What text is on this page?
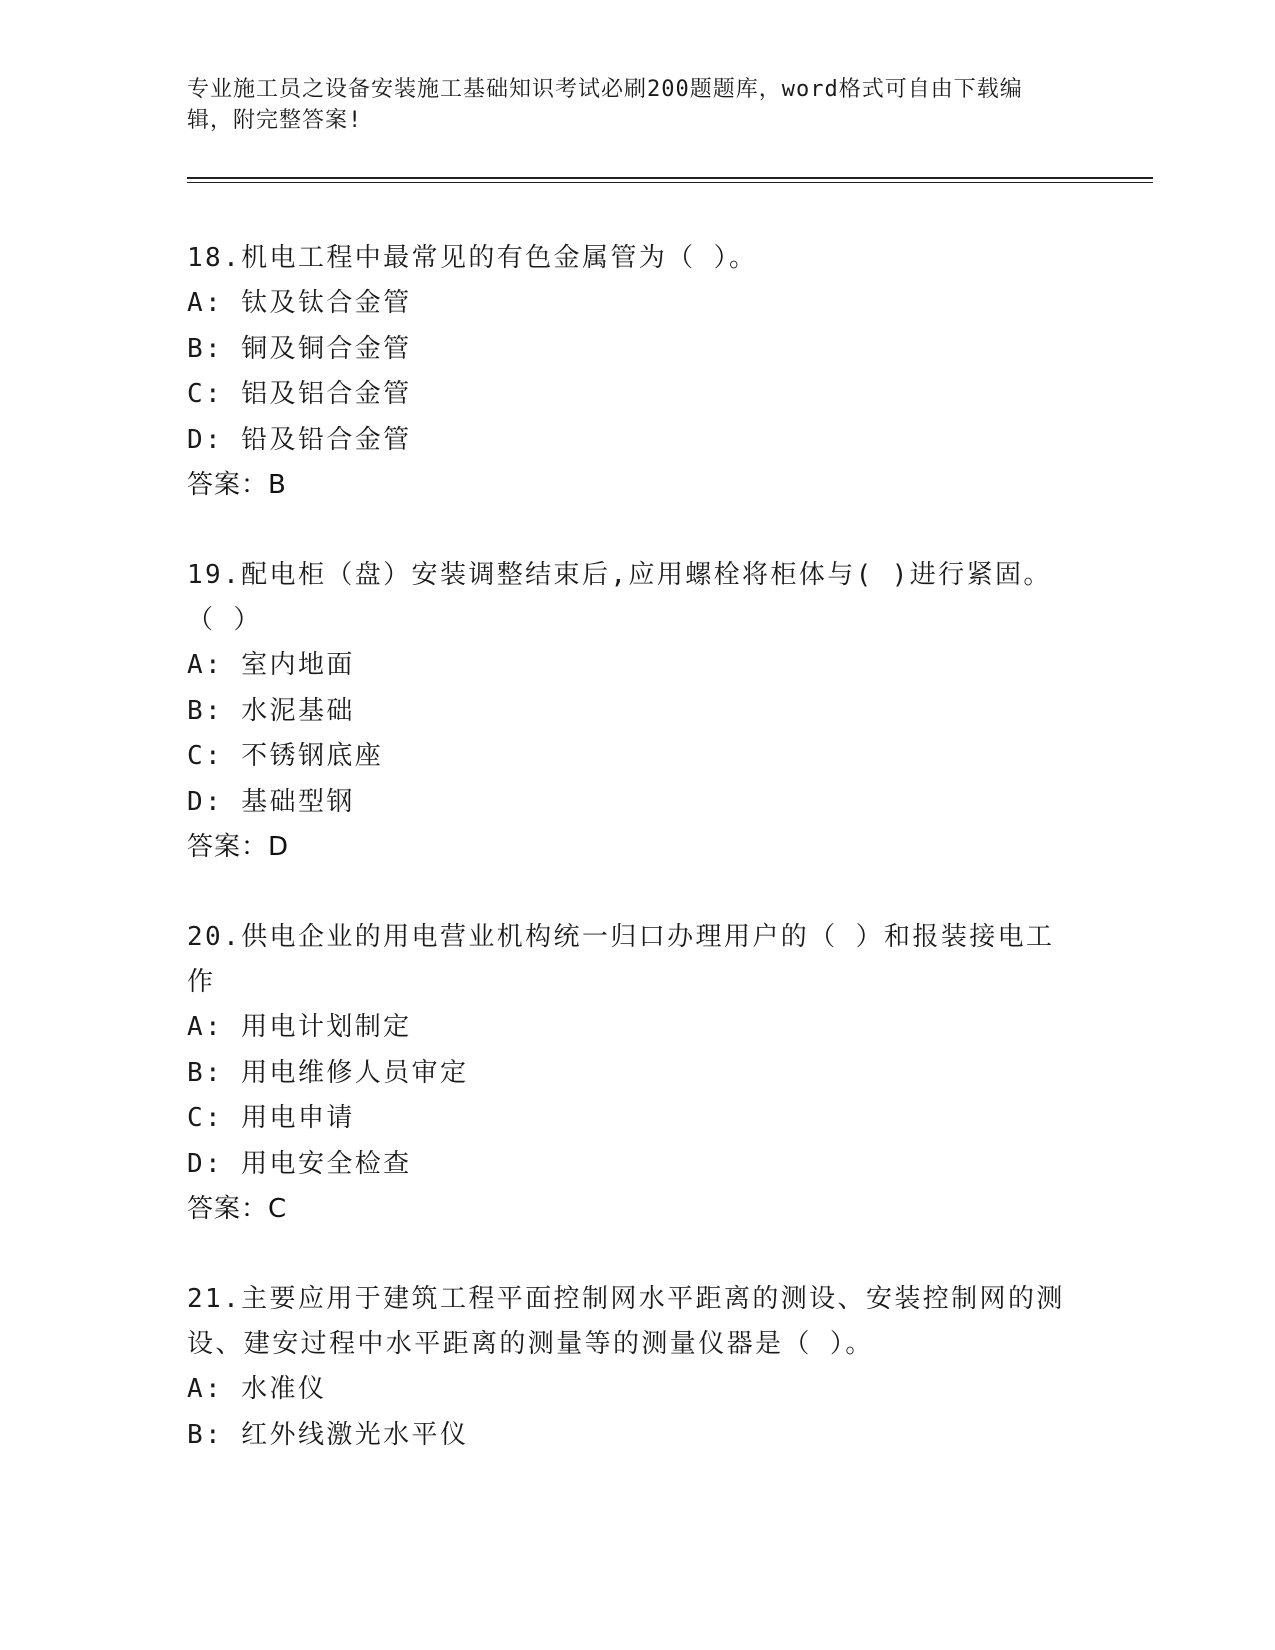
专业施工员之设备安装施工基础知识考试必刷200题题库，word格式可自由下载编辑，附完整答案!

18.机电工程中最常见的有色金属管为（ ）。

A: 钛及钛合金管

B: 铜及铜合金管

C: 铝及铝合金管

D: 铅及铅合金管

答案：B

19.配电柜（盘）安装调整结束后,应用螺栓将柜体与( )进行紧固。（ ）

A: 室内地面

B: 水泥基础

C: 不锈钢底座

D: 基础型钢

答案：D

20.供电企业的用电营业机构统一归口办理用户的（ ）和报装接电工作

A: 用电计划制定

B: 用电维修人员审定

C: 用电申请

D: 用电安全检查

答案：C

21.主要应用于建筑工程平面控制网水平距离的测设、安装控制网的测设、建安过程中水平距离的测量等的测量仪器是（ ）。

A: 水准仪

B: 红外线激光水平仪
